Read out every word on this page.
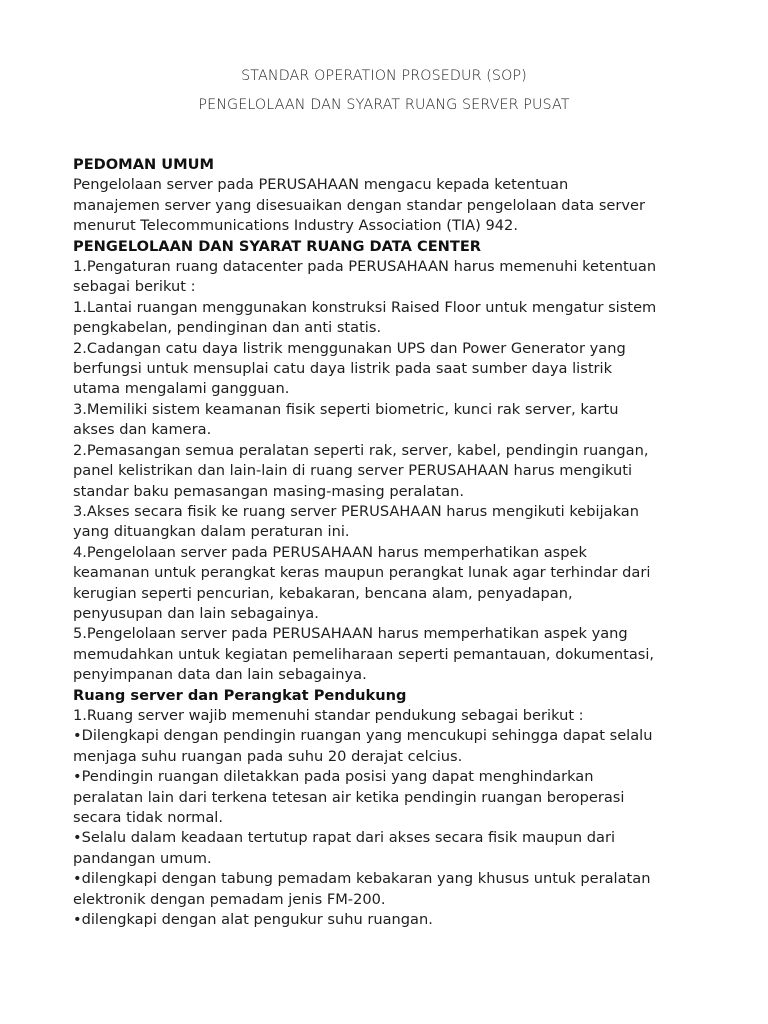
STANDAR OPERATION PROSEDUR (SOP)
PENGELOLAAN DAN SYARAT RUANG SERVER PUSAT

PEDOMAN UMUM

Pengelolaan server pada PERUSAHAAN mengacu kepada ketentuan
manajemen server yang disesuaikan dengan standar pengelolaan data server
menurut Telecommunications Industry Association (TIA) 942.

PENGELOLAAN DAN SYARAT RUANG DATA CENTER

1.Pengaturan ruang datacenter pada PERUSAHAAN harus memenuhi ketentuan
sebagai berikut :

1.Lantai ruangan menggunakan konstruksi Raised Floor untuk mengatur sistem
pengkabelan, pendinginan dan anti statis.

2.Cadangan catu daya listrik menggunakan UPS dan Power Generator yang
berfungsi untuk mensuplai catu daya listrik pada saat sumber daya listrik
utama mengalami gangguan.

3.Memiliki sistem keamanan fisik seperti biometric, kunci rak server, kartu
akses dan kamera.

2.Pemasangan semua peralatan seperti rak, server, kabel, pendingin ruangan,
panel kelistrikan dan lain-lain di ruang server PERUSAHAAN harus mengikuti
standar baku pemasangan masing-masing peralatan.

3.Akses secara fisik ke ruang server PERUSAHAAN harus mengikuti kebijakan
yang dituangkan dalam peraturan ini.

4.Pengelolaan server pada PERUSAHAAN harus memperhatikan aspek
keamanan untuk perangkat keras maupun perangkat lunak agar terhindar dari
kerugian seperti pencurian, kebakaran, bencana alam, penyadapan,
penyusupan dan lain sebagainya.

5.Pengelolaan server pada PERUSAHAAN harus memperhatikan aspek yang
memudahkan untuk kegiatan pemeliharaan seperti pemantauan, dokumentasi,
penyimpanan data dan lain sebagainya.

Ruang server dan Perangkat Pendukung

1.Ruang server wajib memenuhi standar pendukung sebagai berikut :

•Dilengkapi dengan pendingin ruangan yang mencukupi sehingga dapat selalu
menjaga suhu ruangan pada suhu 20 derajat celcius.

•Pendingin ruangan diletakkan pada posisi yang dapat menghindarkan
peralatan lain dari terkena tetesan air ketika pendingin ruangan beroperasi
secara tidak normal.

•Selalu dalam keadaan tertutup rapat dari akses secara fisik maupun dari
pandangan umum.

•dilengkapi dengan tabung pemadam kebakaran yang khusus untuk peralatan
elektronik dengan pemadam jenis FM-200.

•dilengkapi dengan alat pengukur suhu ruangan.
